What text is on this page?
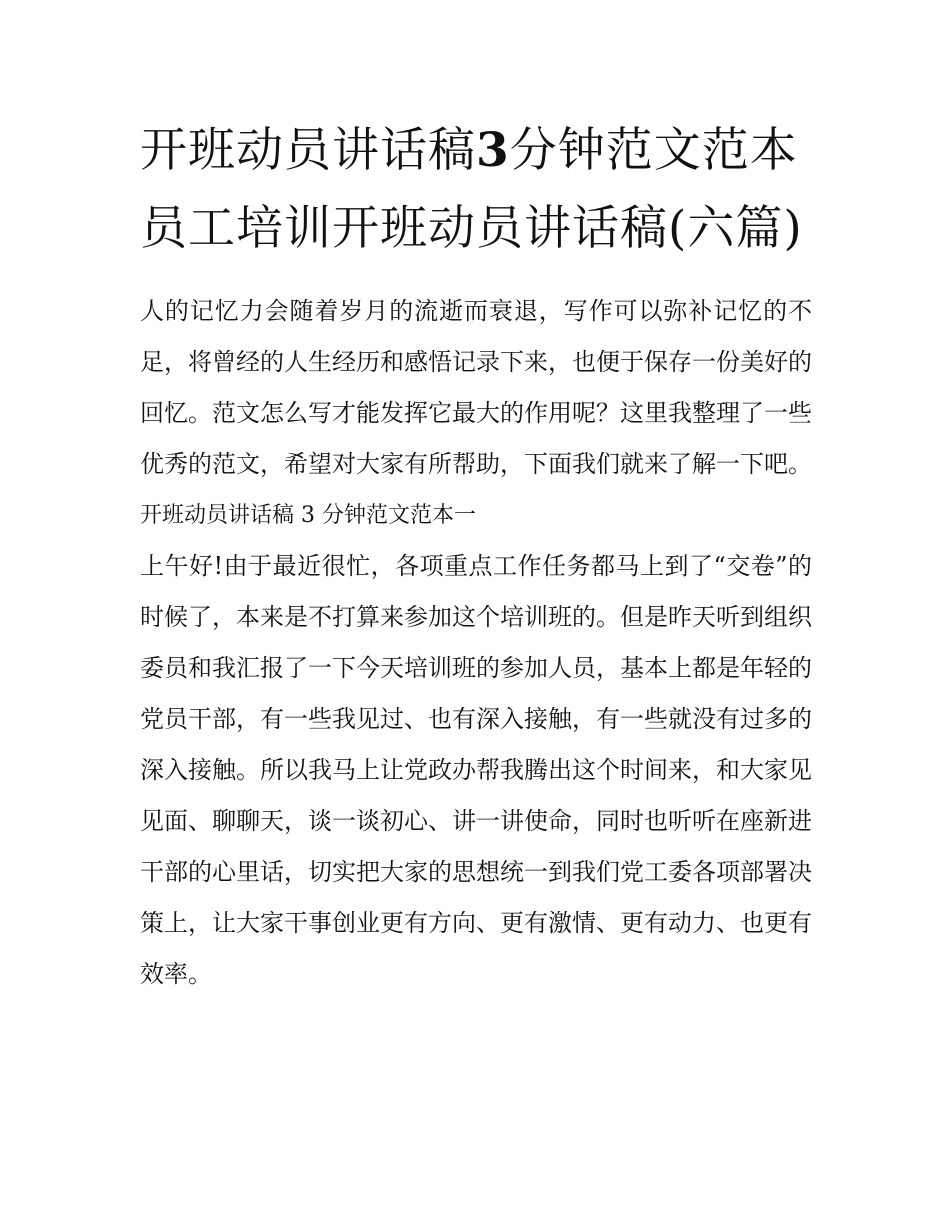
开班动员讲话稿3分钟范文范本 员工培训开班动员讲话稿(六篇)

人的记忆力会随着岁月的流逝而衰退，写作可以弥补记忆的不足，将曾经的人生经历和感悟记录下来，也便于保存一份美好的回忆。范文怎么写才能发挥它最大的作用呢？这里我整理了一些优秀的范文，希望对大家有所帮助，下面我们就来了解一下吧。

开班动员讲话稿 3 分钟范文范本一

上午好!由于最近很忙，各项重点工作任务都马上到了“交卷”的时候了，本来是不打算来参加这个培训班的。但是昨天听到组织委员和我汇报了一下今天培训班的参加人员，基本上都是年轻的党员干部，有一些我见过、也有深入接触，有一些就没有过多的深入接触。所以我马上让党政办帮我腾出这个时间来，和大家见见面、聊聊天，谈一谈初心、讲一讲使命，同时也听听在座新进干部的心里话，切实把大家的思想统一到我们党工委各项部署决策上，让大家干事创业更有方向、更有激情、更有动力、也更有效率。
